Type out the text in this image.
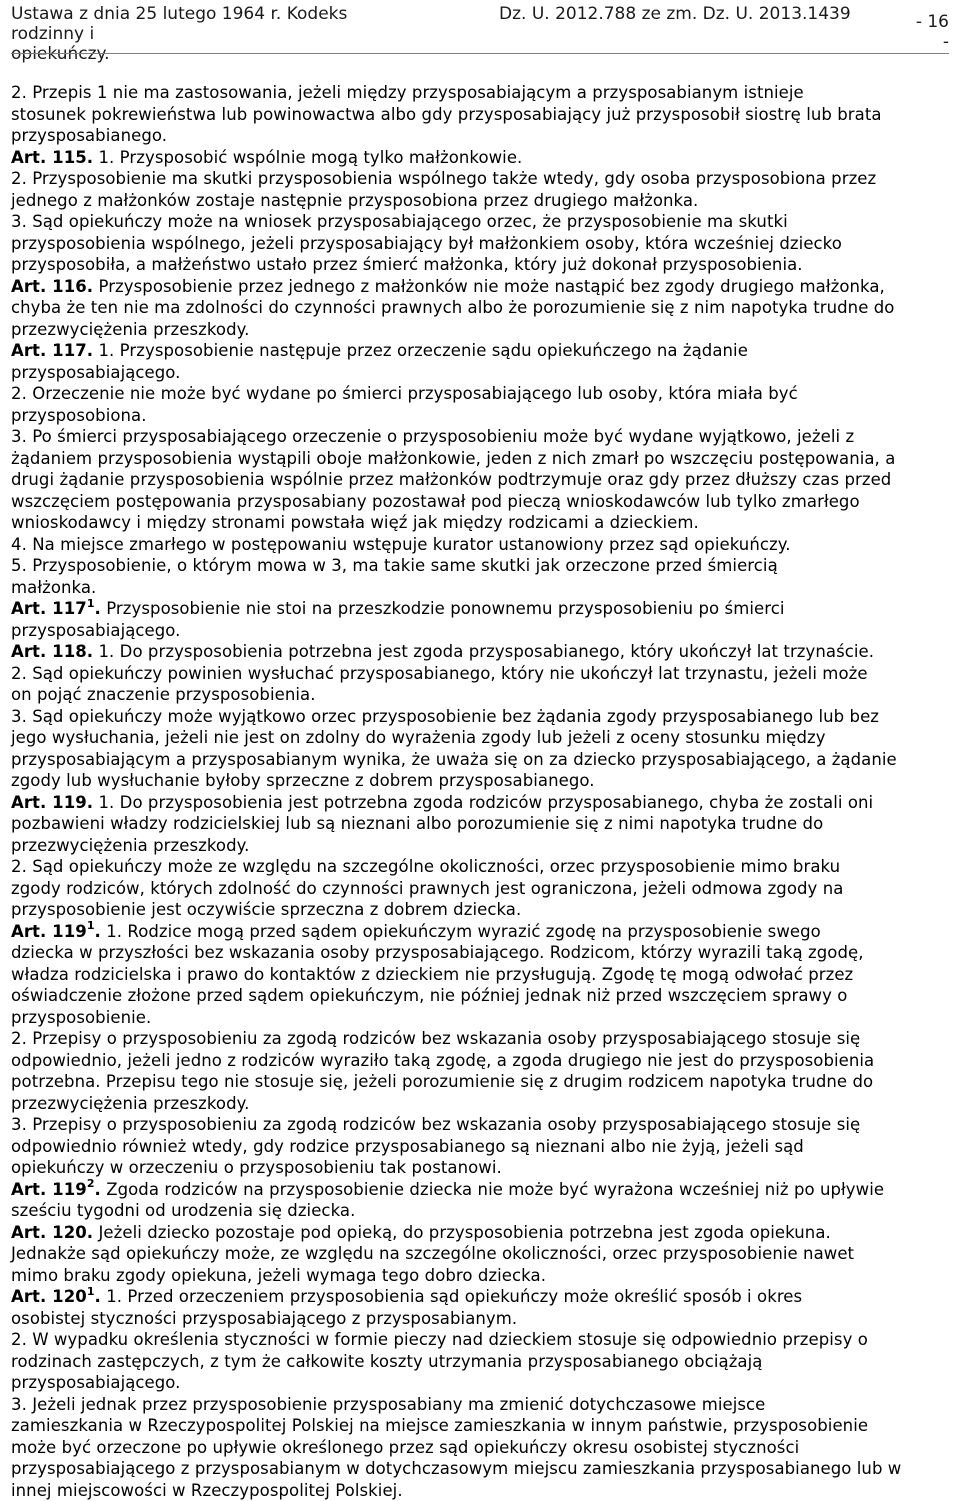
Ustawa z dnia 25 lutego 1964 r. Kodeks rodzinny i
opiekuńczy.
Dz. U. 2012.788 ze zm. Dz. U. 2013.1439	- 16
-
2. Przepis 1 nie ma zastosowania, jeżeli między przysposabiającym a przysposabianym istnieje
stosunek pokrewieństwa lub powinowactwa albo gdy przysposabiający już przysposobił siostrę lub brata
przysposabianego.
Art. 115. 1. Przysposobić wspólnie mogą tylko małżonkowie.
2. Przysposobienie ma skutki przysposobienia wspólnego także wtedy, gdy osoba przysposobiona przez
jednego z małżonków zostaje następnie przysposobiona przez drugiego małżonka.
3. Sąd opiekuńczy może na wniosek przysposabiającego orzec, że przysposobienie ma skutki
przysposobienia wspólnego, jeżeli przysposabiający był małżonkiem osoby, która wcześniej dziecko
przysposobiła, a małżeństwo ustało przez śmierć małżonka, który już dokonał przysposobienia.
Art. 116. Przysposobienie przez jednego z małżonków nie może nastąpić bez zgody drugiego małżonka,
chyba że ten nie ma zdolności do czynności prawnych albo że porozumienie się z nim napotyka trudne do
przezwyciężenia przeszkody.
Art. 117. 1. Przysposobienie następuje przez orzeczenie sądu opiekuńczego na żądanie
przysposabiającego.
2. Orzeczenie nie może być wydane po śmierci przysposabiającego lub osoby, która miała być
przysposobiona.
3. Po śmierci przysposabiającego orzeczenie o przysposobieniu może być wydane wyjątkowo, jeżeli z
żądaniem przysposobienia wystąpili oboje małżonkowie, jeden z nich zmarł po wszczęciu postępowania, a
drugi żądanie przysposobienia wspólnie przez małżonków podtrzymuje oraz gdy przez dłuższy czas przed
wszczęciem postępowania przysposabiany pozostawał pod pieczą wnioskodawców lub tylko zmarłego
wnioskodawcy i między stronami powstała więź jak między rodzicami a dzieckiem.
4. Na miejsce zmarłego w postępowaniu wstępuje kurator ustanowiony przez sąd opiekuńczy.
5. Przysposobienie, o którym mowa w 3, ma takie same skutki jak orzeczone przed śmiercią
małżonka.
Art. $117^1$. Przysposobienie nie stoi na przeszkodzie ponownemu przysposobieniu po śmierci
przysposabiającego.
Art. 118. 1. Do przysposobienia potrzebna jest zgoda przysposabianego, który ukończył lat trzynaście.
2. Sąd opiekuńczy powinien wysłuchać przysposabianego, który nie ukończył lat trzynastu, jeżeli może
on pojąć znaczenie przysposobienia.
3. Sąd opiekuńczy może wyjątkowo orzec przysposobienie bez żądania zgody przysposabianego lub bez
jego wysłuchania, jeżeli nie jest on zdolny do wyrażenia zgody lub jeżeli z oceny stosunku między
przysposabiającym a przysposabianym wynika, że uważa się on za dziecko przysposabiającego, a żądanie
zgody lub wysłuchanie byłoby sprzeczne z dobrem przysposabianego.
Art. 119. 1. Do przysposobienia jest potrzebna zgoda rodziców przysposabianego, chyba że zostali oni
pozbawieni władzy rodzicielskiej lub są nieznani albo porozumienie się z nimi napotyka trudne do
przezwyciężenia przeszkody.
2. Sąd opiekuńczy może ze względu na szczególne okoliczności, orzec przysposobienie mimo braku
zgody rodziców, których zdolność do czynności prawnych jest ograniczona, jeżeli odmowa zgody na
przysposobienie jest oczywiście sprzeczna z dobrem dziecka.
Art. $119^1$. 1. Rodzice mogą przed sądem opiekuńczym wyrazić zgodę na przysposobienie swego
dziecka w przyszłości bez wskazania osoby przysposabiającego. Rodzicom, którzy wyrazili taką zgodę,
władza rodzicielska i prawo do kontaktów z dzieckiem nie przysługują. Zgodę tę mogą odwołać przez
oświadczenie złożone przed sądem opiekuńczym, nie później jednak niż przed wszczęciem sprawy o
przysposobienie.
2. Przepisy o przysposobieniu za zgodą rodziców bez wskazania osoby przysposabiającego stosuje się
odpowiednio, jeżeli jedno z rodziców wyraziło taką zgodę, a zgoda drugiego nie jest do przysposobienia
potrzebna. Przepisu tego nie stosuje się, jeżeli porozumienie się z drugim rodzicem napotyka trudne do
przezwyciężenia przeszkody.
3. Przepisy o przysposobieniu za zgodą rodziców bez wskazania osoby przysposabiającego stosuje się
odpowiednio również wtedy, gdy rodzice przysposabianego są nieznani albo nie żyją, jeżeli sąd
opiekuńczy w orzeczeniu o przysposobieniu tak postanowi.
Art. $119^2$. Zgoda rodziców na przysposobienie dziecka nie może być wyrażona wcześniej niż po upływie
sześciu tygodni od urodzenia się dziecka.
Art. 120. Jeżeli dziecko pozostaje pod opieką, do przysposobienia potrzebna jest zgoda opiekuna.
Jednakże sąd opiekuńczy może, ze względu na szczególne okoliczności, orzec przysposobienie nawet
mimo braku zgody opiekuna, jeżeli wymaga tego dobro dziecka.
Art. $120^1$. 1. Przed orzeczeniem przysposobienia sąd opiekuńczy może określić sposób i okres
osobistej styczności przysposabiającego z przysposabianym.
2. W wypadku określenia styczności w formie pieczy nad dzieckiem stosuje się odpowiednio przepisy o
rodzinach zastępczych, z tym że całkowite koszty utrzymania przysposabianego obciążają
przysposabiającego.
3. Jeżeli jednak przez przysposobienie przysposabiany ma zmienić dotychczasowe miejsce
zamieszkania w Rzeczypospolitej Polskiej na miejsce zamieszkania w innym państwie, przysposobienie
może być orzeczone po upływie określonego przez sąd opiekuńczy okresu osobistej styczności
przysposabiającego z przysposabianym w dotychczasowym miejscu zamieszkania przysposabianego lub w
innej miejscowości w Rzeczypospolitej Polskiej.
